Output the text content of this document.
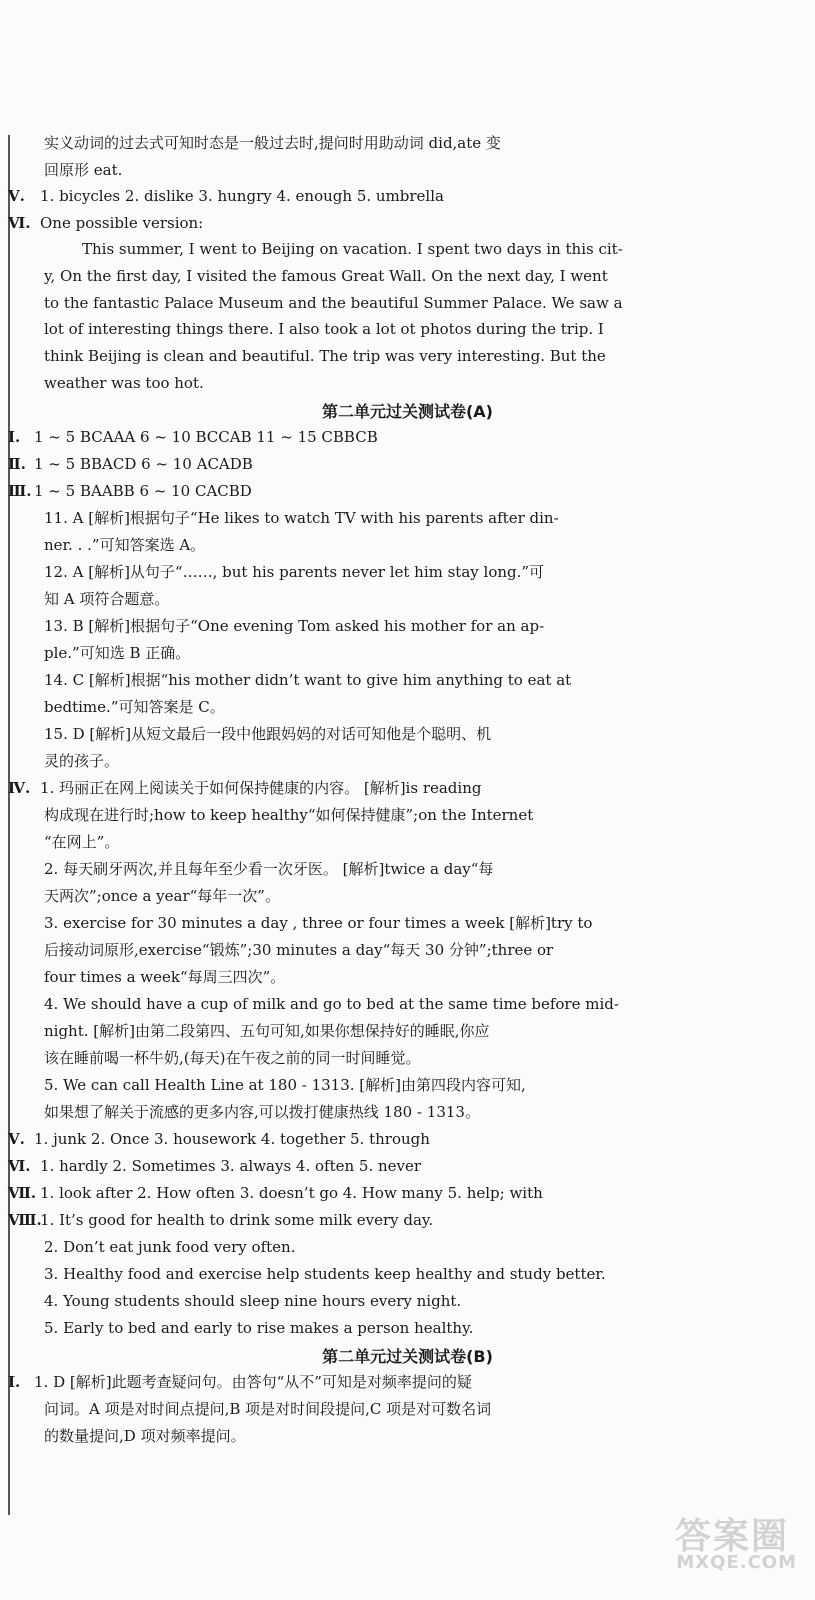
实义动词的过去式可知时态是一般过去时,提问时用助动词 did,ate 变
回原形 eat.
Ⅴ. 1. bicycles 2. dislike 3. hungry 4. enough 5. umbrella
Ⅵ. One possible version:
This summer, I went to Beijing on vacation. I spent two days in this cit-
y, On the first day, I visited the famous Great Wall. On the next day, I went
to the fantastic Palace Museum and the beautiful Summer Palace. We saw a
lot of interesting things there. I also took a lot ot photos during the trip. I
think Beijing is clean and beautiful. The trip was very interesting. But the
weather was too hot.
第二单元过关测试卷(A)
Ⅰ. 1 ~ 5 BCAAA 6 ~ 10 BCCAB 11 ~ 15 CBBCB
Ⅱ. 1 ~ 5 BBACD 6 ~ 10 ACADB
Ⅲ. 1 ~ 5 BAABB 6 ~ 10 CACBD
11. A [解析]根据句子“He likes to watch TV with his parents after din-
ner. . .”可知答案选 A。
12. A [解析]从句子“……, but his parents never let him stay long.”可
知 A 项符合题意。
13. B [解析]根据句子“One evening Tom asked his mother for an ap-
ple.”可知选 B 正确。
14. C [解析]根据“his mother didn’t want to give him anything to eat at
bedtime.”可知答案是 C。
15. D [解析]从短文最后一段中他跟妈妈的对话可知他是个聪明、机
灵的孩子。
Ⅳ. 1. 玛丽正在网上阅读关于如何保持健康的内容。 [解析]is reading
构成现在进行时;how to keep healthy“如何保持健康”;on the Internet
“在网上”。
2. 每天刷牙两次,并且每年至少看一次牙医。 [解析]twice a day“每
天两次”;once a year“每年一次”。
3. exercise for 30 minutes a day , three or four times a week [解析]try to
后接动词原形,exercise“锻炼”;30 minutes a day“每天 30 分钟”;three or
four times a week“每周三四次”。
4. We should have a cup of milk and go to bed at the same time before mid-
night. [解析]由第二段第四、五句可知,如果你想保持好的睡眠,你应
该在睡前喝一杯牛奶,(每天)在午夜之前的同一时间睡觉。
5. We can call Health Line at 180 - 1313. [解析]由第四段内容可知,
如果想了解关于流感的更多内容,可以拨打健康热线 180 - 1313。
Ⅴ. 1. junk 2. Once 3. housework 4. together 5. through
Ⅵ. 1. hardly 2. Sometimes 3. always 4. often 5. never
Ⅶ. 1. look after 2. How often 3. doesn’t go 4. How many 5. help; with
Ⅷ.
1. It’s good for health to drink some milk every day.
2. Don’t eat junk food very often.
3. Healthy food and exercise help students keep healthy and study better.
4. Young students should sleep nine hours every night.
5. Early to bed and early to rise makes a person healthy.
第二单元过关测试卷(B)
Ⅰ. 1. D [解析]此题考查疑问句。由答句“从不”可知是对频率提问的疑
问词。A 项是对时间点提问,B 项是对时间段提问,C 项是对可数名词
的数量提问,D 项对频率提问。
答案圈
MXQE.COM
